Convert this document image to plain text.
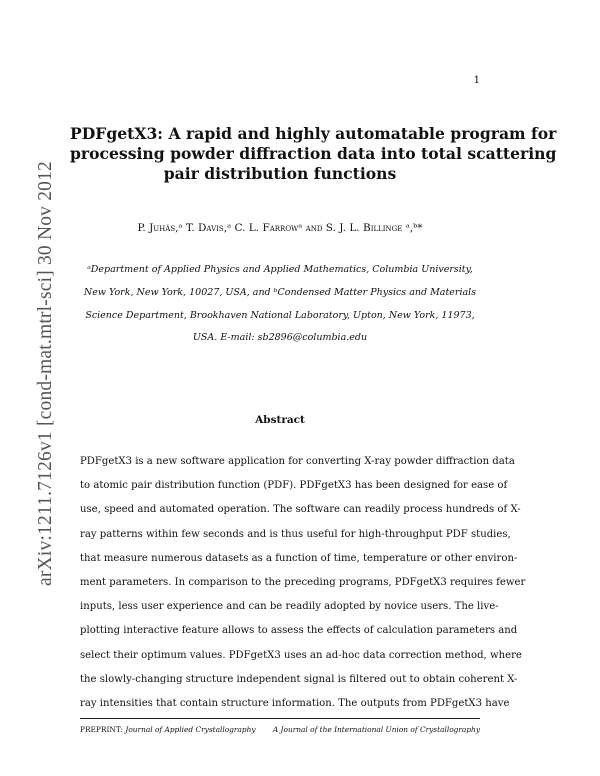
1
arXiv:1211.7126v1 [cond-mat.mtrl-sci] 30 Nov 2012
PDFgetX3: A rapid and highly automatable program for
processing powder diffraction data into total scattering
pair distribution functions
P. Juhás,ᵃ T. Davis,ᵃ C. L. Farrowᵃ and S. J. L. Billinge ᵃ,ᵇ*
ᵃDepartment of Applied Physics and Applied Mathematics, Columbia University,
New York, New York, 10027, USA, and ᵇCondensed Matter Physics and Materials
Science Department, Brookhaven National Laboratory, Upton, New York, 11973,
USA. E-mail: sb2896@columbia.edu
Abstract
PDFgetX3 is a new software application for converting X-ray powder diffraction data
to atomic pair distribution function (PDF). PDFgetX3 has been designed for ease of
use, speed and automated operation. The software can readily process hundreds of X-
ray patterns within few seconds and is thus useful for high-throughput PDF studies,
that measure numerous datasets as a function of time, temperature or other environ-
ment parameters. In comparison to the preceding programs, PDFgetX3 requires fewer
inputs, less user experience and can be readily adopted by novice users. The live-
plotting interactive feature allows to assess the effects of calculation parameters and
select their optimum values. PDFgetX3 uses an ad-hoc data correction method, where
the slowly-changing structure independent signal is filtered out to obtain coherent X-
ray intensities that contain structure information. The outputs from PDFgetX3 have
PREPRINT: Journal of Applied Crystallography A Journal of the International Union of Crystallography
